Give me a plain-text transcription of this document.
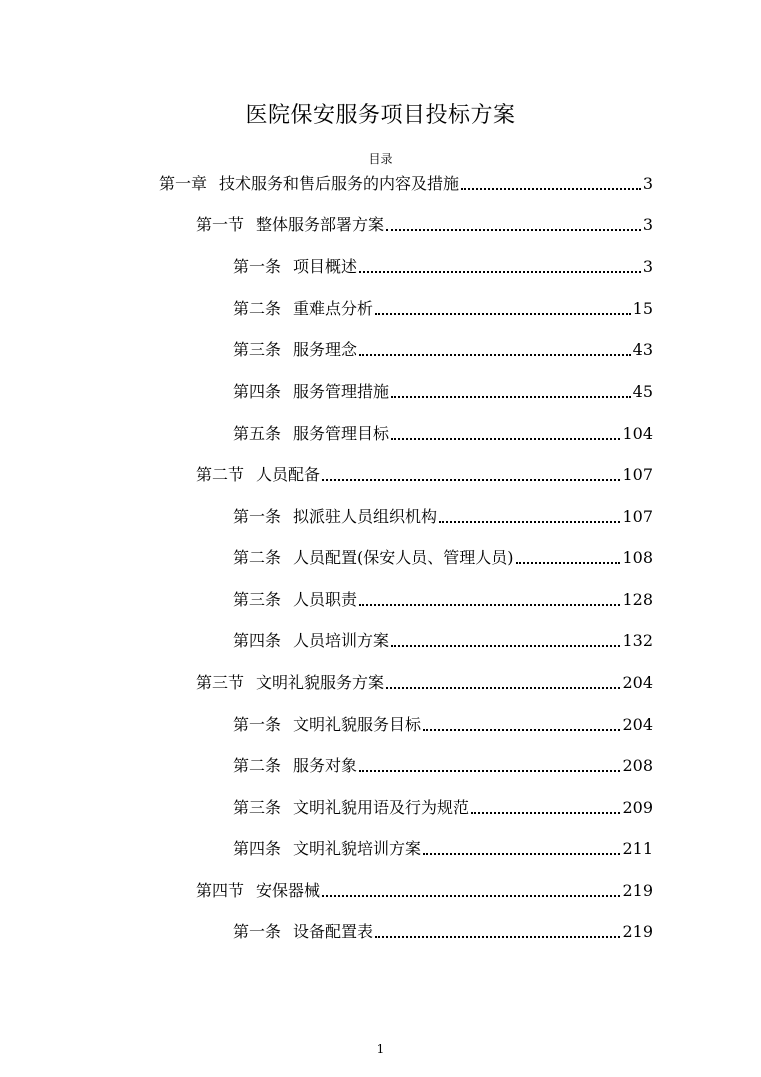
医院保安服务项目投标方案
目录
第一章 技术服务和售后服务的内容及措施	3
第一节 整体服务部署方案	3
第一条 项目概述	3
第二条 重难点分析	15
第三条 服务理念	43
第四条 服务管理措施	45
第五条 服务管理目标	104
第二节 人员配备	107
第一条 拟派驻人员组织机构	107
第二条 人员配置(保安人员、管理人员)	108
第三条 人员职责	128
第四条 人员培训方案	132
第三节 文明礼貌服务方案	204
第一条 文明礼貌服务目标	204
第二条 服务对象	208
第三条 文明礼貌用语及行为规范	209
第四条 文明礼貌培训方案	211
第四节 安保器械	219
第一条 设备配置表	219
1
